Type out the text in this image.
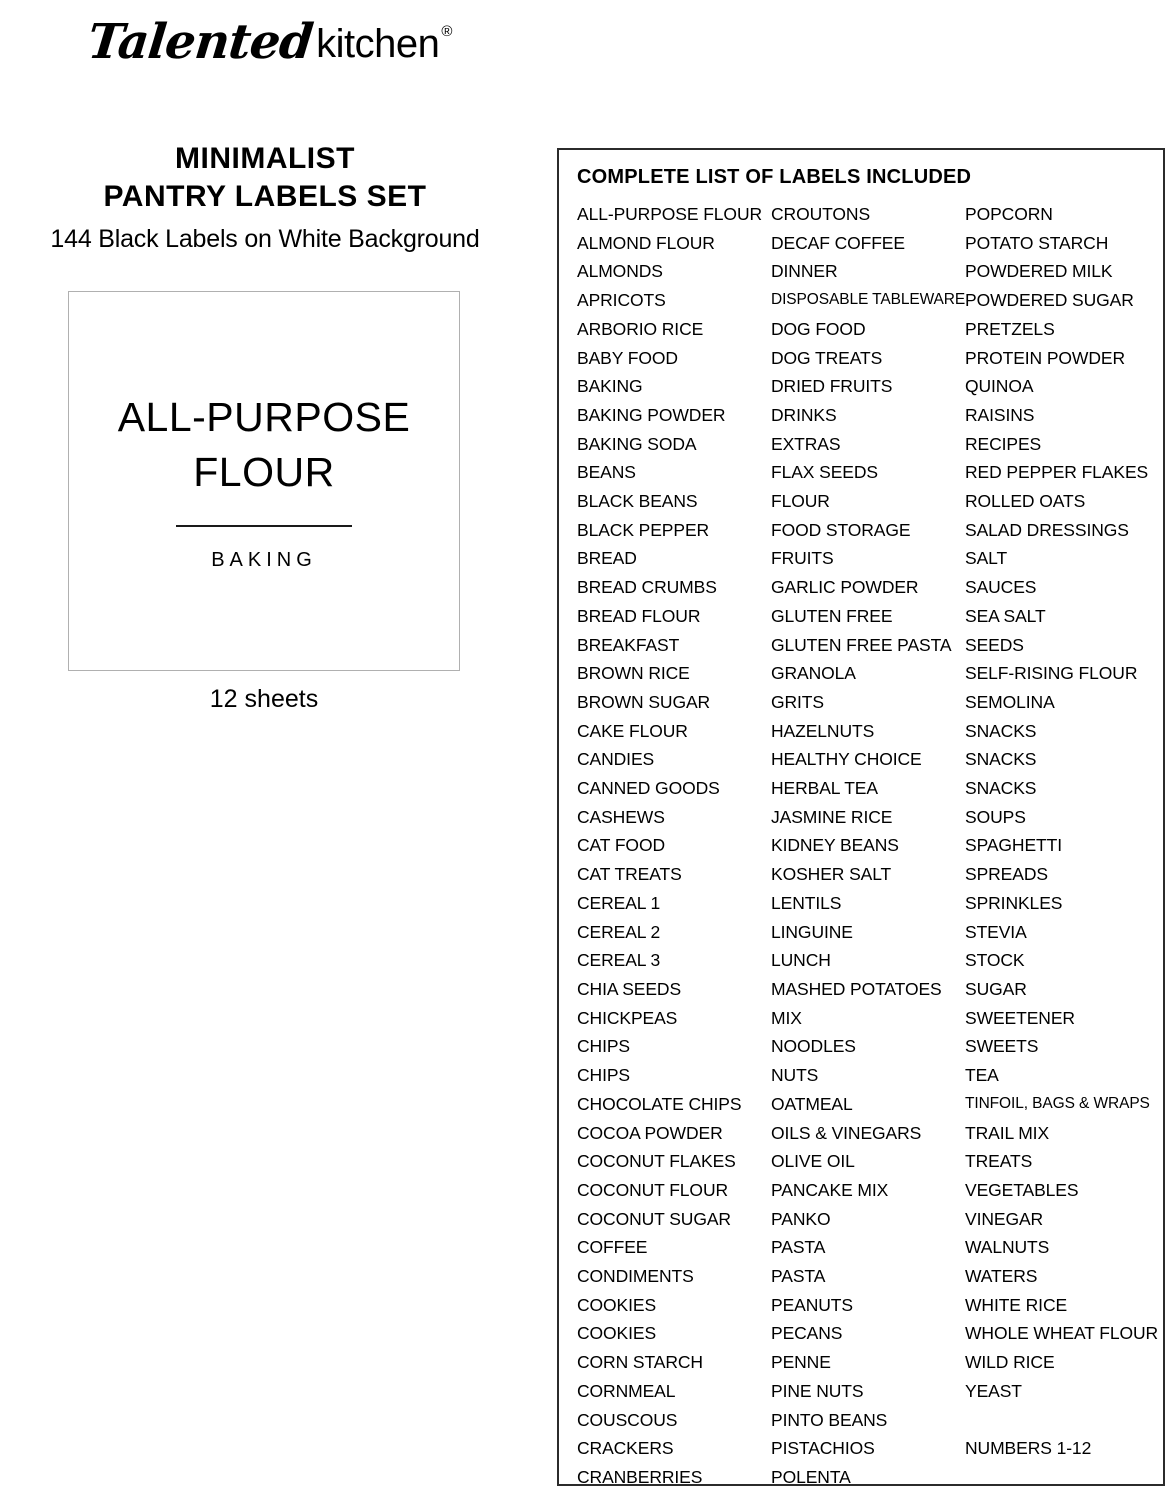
Talented kitchen ®
MINIMALIST
PANTRY LABELS SET
144 Black Labels on White Background
ALL-PURPOSE
FLOUR
BAKING
12 sheets
COMPLETE LIST OF LABELS INCLUDED
ALL-PURPOSE FLOUR
ALMOND FLOUR
ALMONDS
APRICOTS
ARBORIO RICE
BABY FOOD
BAKING
BAKING POWDER
BAKING SODA
BEANS
BLACK BEANS
BLACK PEPPER
BREAD
BREAD CRUMBS
BREAD FLOUR
BREAKFAST
BROWN RICE
BROWN SUGAR
CAKE FLOUR
CANDIES
CANNED GOODS
CASHEWS
CAT FOOD
CAT TREATS
CEREAL 1
CEREAL 2
CEREAL 3
CHIA SEEDS
CHICKPEAS
CHIPS
CHIPS
CHOCOLATE CHIPS
COCOA POWDER
COCONUT FLAKES
COCONUT FLOUR
COCONUT SUGAR
COFFEE
CONDIMENTS
COOKIES
COOKIES
CORN STARCH
CORNMEAL
COUSCOUS
CRACKERS
CRANBERRIES
CROUTONS
DECAF COFFEE
DINNER
DISPOSABLE TABLEWARE
DOG FOOD
DOG TREATS
DRIED FRUITS
DRINKS
EXTRAS
FLAX SEEDS
FLOUR
FOOD STORAGE
FRUITS
GARLIC POWDER
GLUTEN FREE
GLUTEN FREE PASTA
GRANOLA
GRITS
HAZELNUTS
HEALTHY CHOICE
HERBAL TEA
JASMINE RICE
KIDNEY BEANS
KOSHER SALT
LENTILS
LINGUINE
LUNCH
MASHED POTATOES
MIX
NOODLES
NUTS
OATMEAL
OILS & VINEGARS
OLIVE OIL
PANCAKE MIX
PANKO
PASTA
PASTA
PEANUTS
PECANS
PENNE
PINE NUTS
PINTO BEANS
PISTACHIOS
POLENTA
POPCORN
POTATO STARCH
POWDERED MILK
POWDERED SUGAR
PRETZELS
PROTEIN POWDER
QUINOA
RAISINS
RECIPES
RED PEPPER FLAKES
ROLLED OATS
SALAD DRESSINGS
SALT
SAUCES
SEA SALT
SEEDS
SELF-RISING FLOUR
SEMOLINA
SNACKS
SNACKS
SNACKS
SOUPS
SPAGHETTI
SPREADS
SPRINKLES
STEVIA
STOCK
SUGAR
SWEETENER
SWEETS
TEA
TINFOIL, BAGS & WRAPS
TRAIL MIX
TREATS
VEGETABLES
VINEGAR
WALNUTS
WATERS
WHITE RICE
WHOLE WHEAT FLOUR
WILD RICE
YEAST

NUMBERS 1-12
